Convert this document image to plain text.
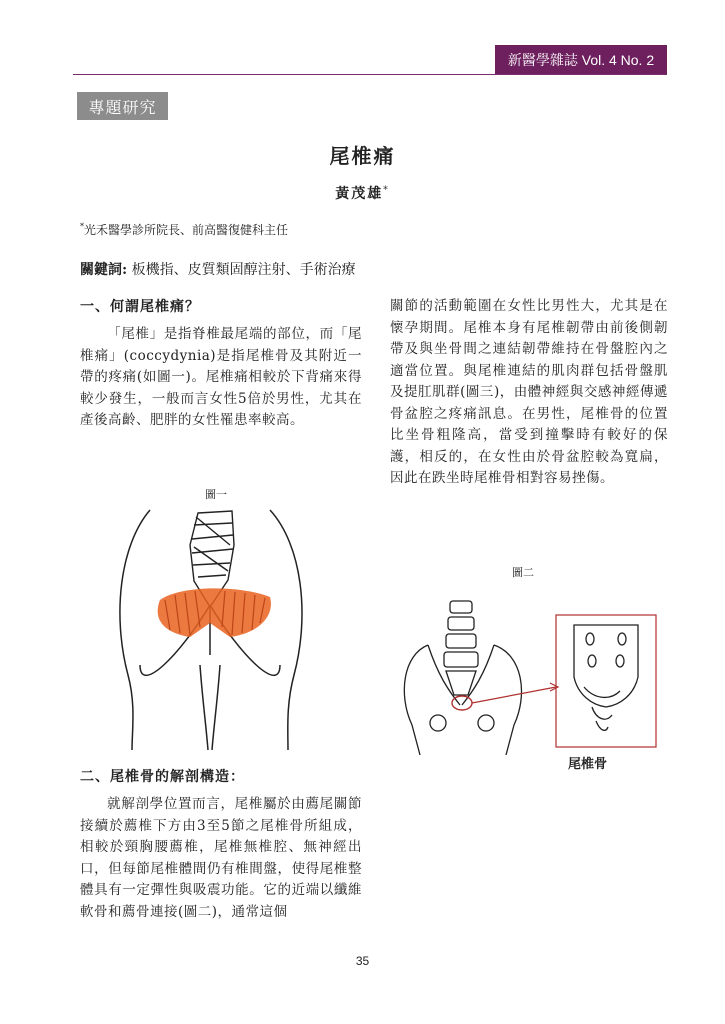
新醫學雜誌 Vol. 4 No. 2
專題研究
尾椎痛
黃茂雄*
*光禾醫學診所院長、前高醫復健科主任
關鍵詞: 板機指、皮質類固醇注射、手術治療
一、何謂尾椎痛？
「尾椎」是指脊椎最尾端的部位，而「尾椎痛」(coccydynia)是指尾椎骨及其附近一帶的疼痛(如圖一)。尾椎痛相較於下背痛來得較少發生，一般而言女性5倍於男性，尤其在產後高齡、肥胖的女性罹患率較高。
圖一
二、尾椎骨的解剖構造：
就解剖學位置而言，尾椎屬於由薦尾關節接續於薦椎下方由3至5節之尾椎骨所組成，相較於頸胸腰薦椎，尾椎無椎腔、無神經出口，但每節尾椎體間仍有椎間盤，使得尾椎整體具有一定彈性與吸震功能。它的近端以纖維軟骨和薦骨連接(圖二)，通常這個
關節的活動範圍在女性比男性大，尤其是在懷孕期間。尾椎本身有尾椎韌帶由前後側韌帶及與坐骨間之連結韌帶維持在骨盤腔內之適當位置。與尾椎連結的肌肉群包括骨盤肌及提肛肌群(圖三)，由體神經與交感神經傳遞骨盆腔之疼痛訊息。在男性，尾椎骨的位置比坐骨粗隆高，當受到撞擊時有較好的保護，相反的，在女性由於骨盆腔較為寬扁，因此在跌坐時尾椎骨相對容易挫傷。
圖二
尾椎骨
35
